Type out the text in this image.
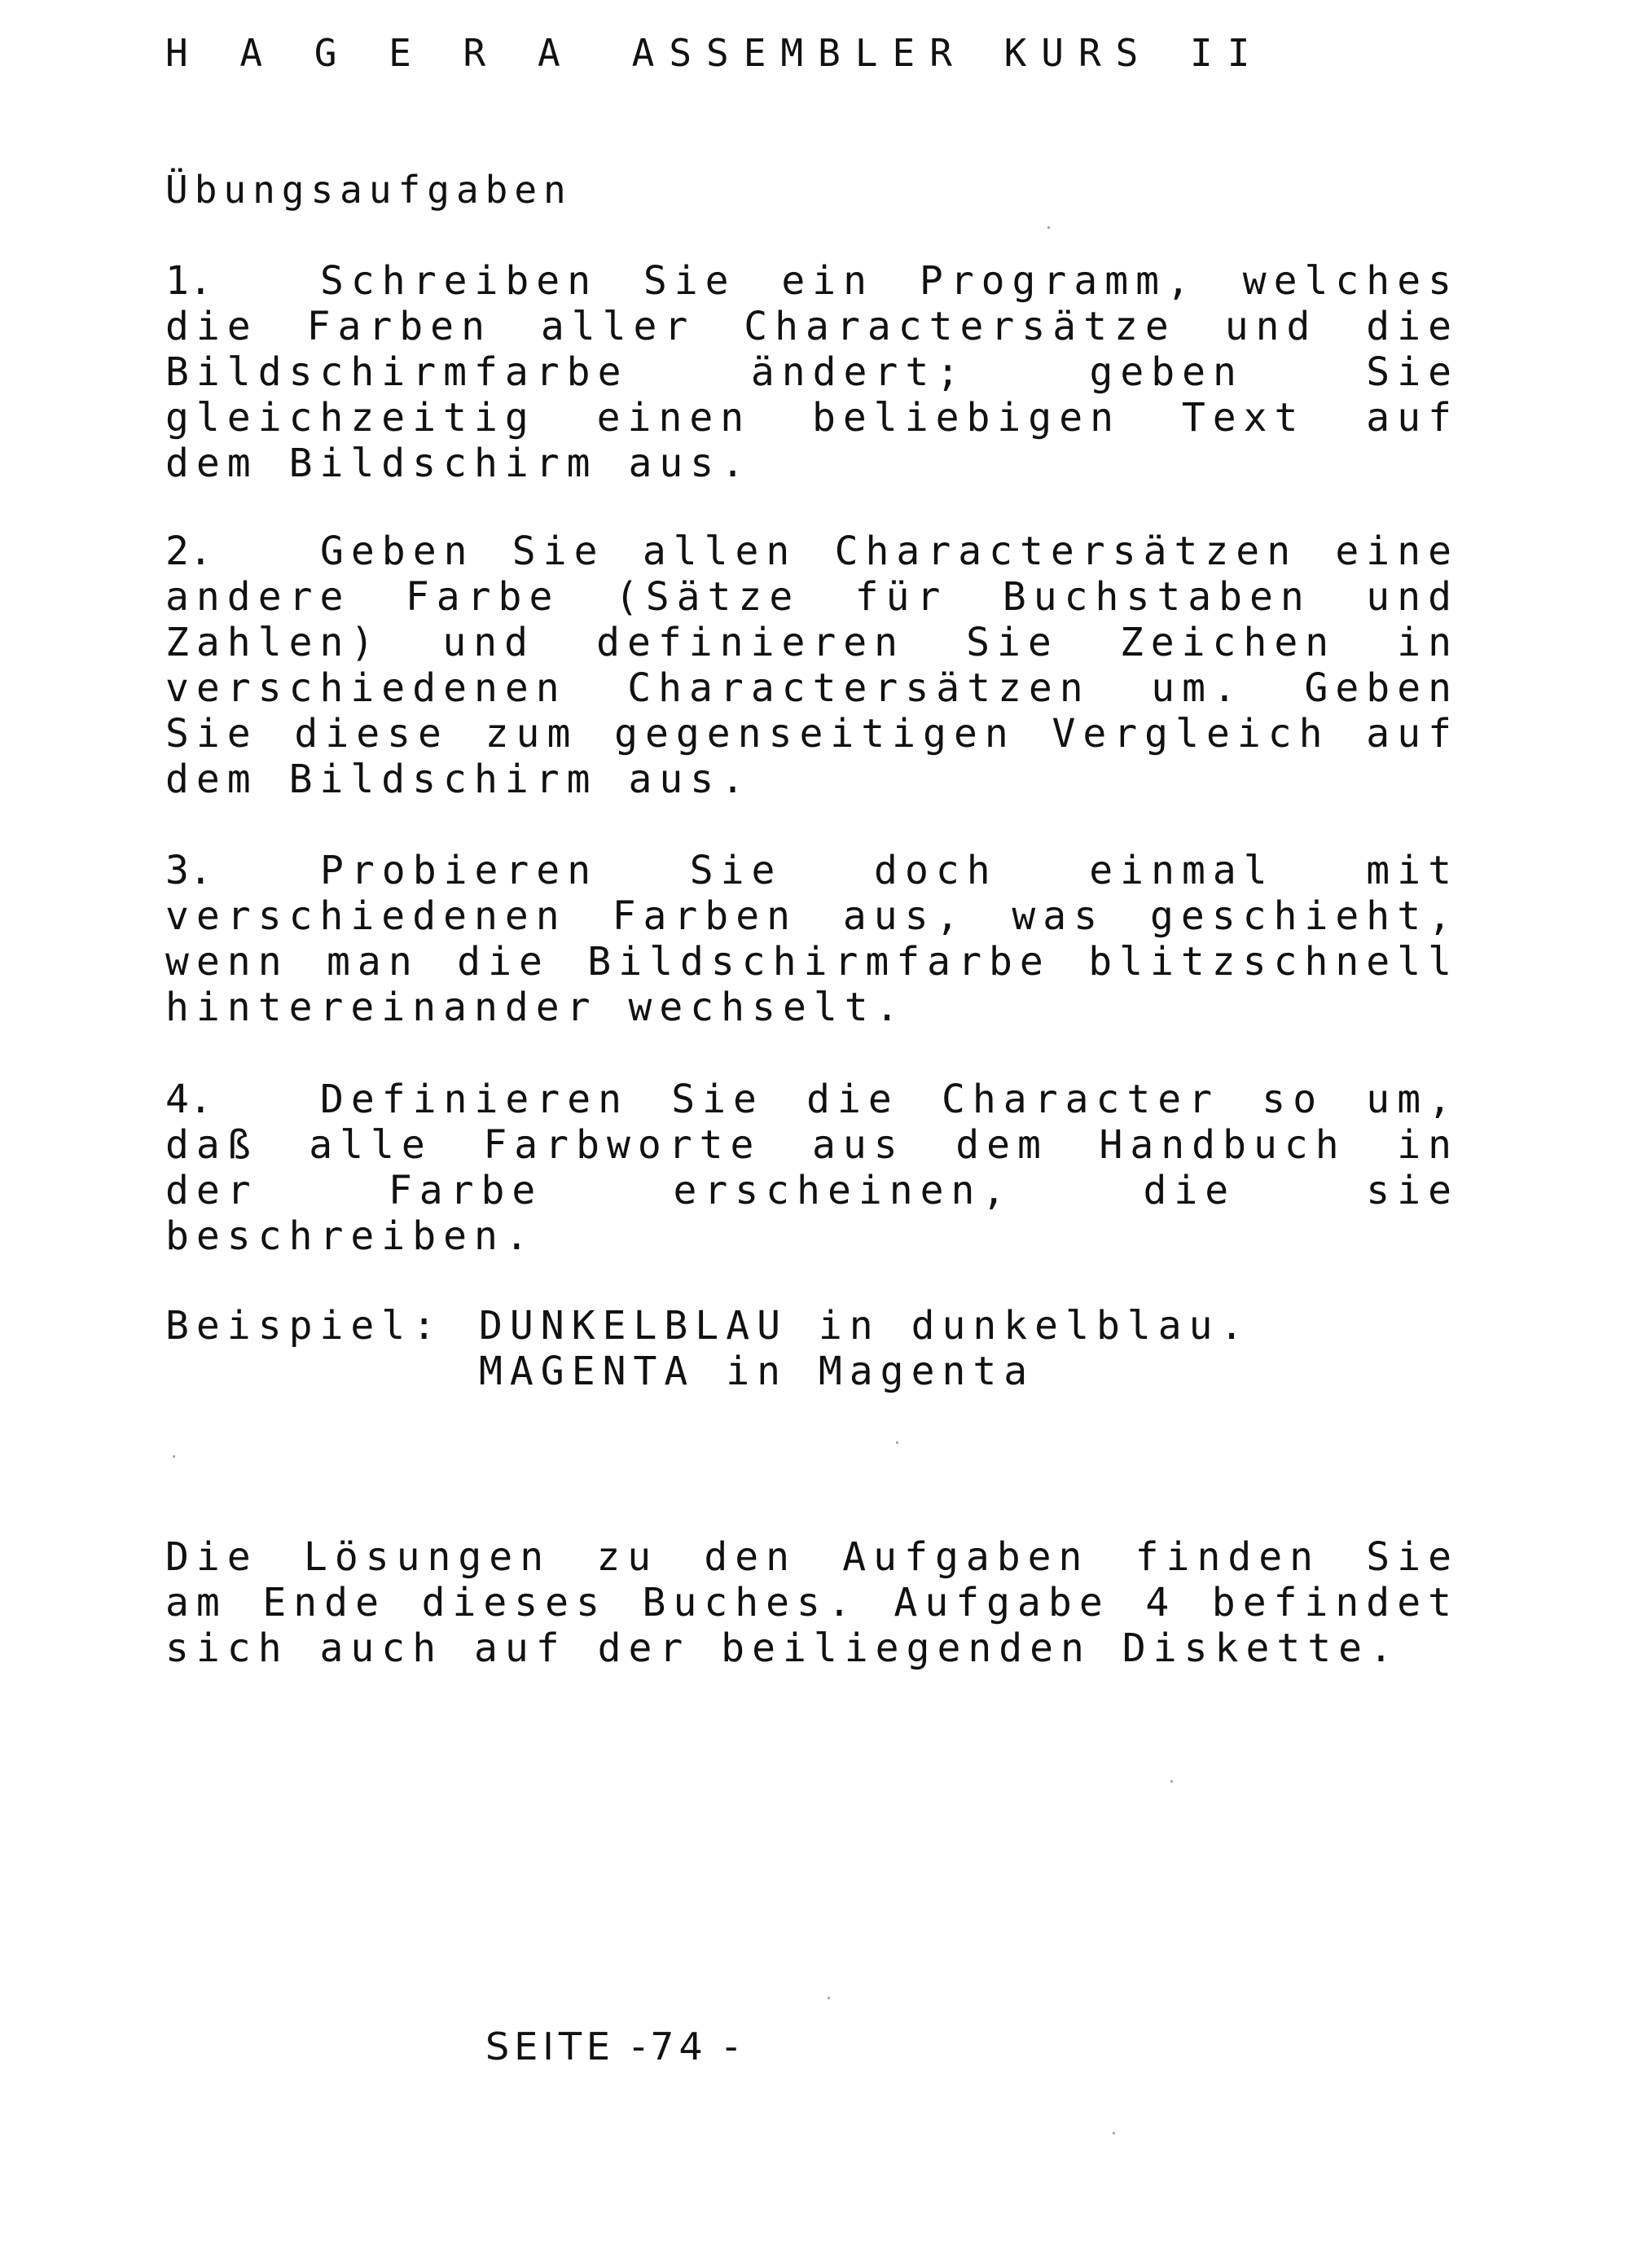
H A G E R A ASSEMBLER KURS II
Übungsaufgaben
1.	Schreiben Sie ein Programm, welches die Farben aller Charactersätze und die Bildschirmfarbe ändert; geben Sie gleichzeitig einen beliebigen Text auf dem Bildschirm aus.
2.	Geben Sie allen Charactersätzen eine andere Farbe (Sätze für Buchstaben und Zahlen) und definieren Sie Zeichen in verschiedenen Charactersätzen um. Geben Sie diese zum gegenseitigen Vergleich auf dem Bildschirm aus.
3.	Probieren Sie doch einmal mit verschiedenen Farben aus, was geschieht, wenn man die Bildschirmfarbe blitzschnell hintereinander wechselt.
4.	Definieren Sie die Character so um, daß alle Farbworte aus dem Handbuch in der Farbe erscheinen, die sie beschreiben.
Beispiel: DUNKELBLAU in dunkelblau.
MAGENTA in Magenta
Die Lösungen zu den Aufgaben finden Sie am Ende dieses Buches. Aufgabe 4 befindet sich auch auf der beiliegenden Diskette.
SEITE -74 -
